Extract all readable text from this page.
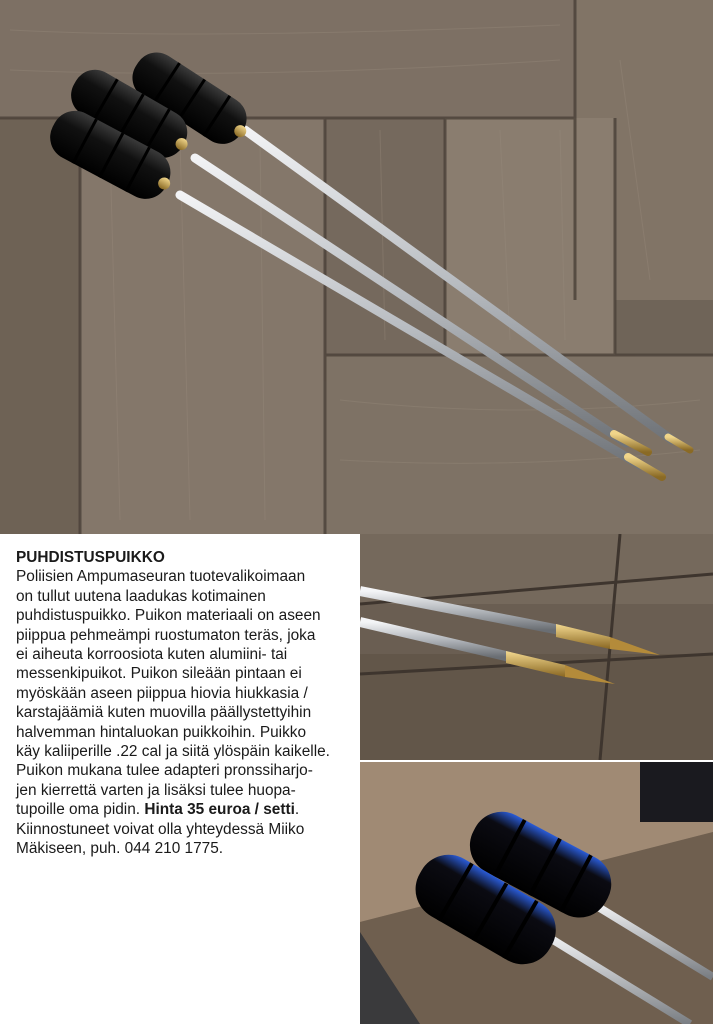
PUHDISTUSPUIKKO
Poliisien Ampumaseuran tuotevalikoimaan
on tullut uutena laadukas kotimainen
puhdistuspuikko. Puikon materiaali on aseen
piippua pehmeämpi ruostumaton teräs, joka
ei aiheuta korroosiota kuten alumiini- tai
messenkipuikot. Puikon sileään pintaan ei
myöskään aseen piippua hiovia hiukkasia /
karstajäämiä kuten muovilla päällystettyihin
halvemman hintaluokan puikkoihin. Puikko
käy kaliiperille .22 cal ja siitä ylöspäin kaikelle.
Puikon mukana tulee adapteri pronssiharjo-
jen kierrettä varten ja lisäksi tulee huopa-
tupoille oma pidin. Hinta 35 euroa / setti.
Kiinnostuneet voivat olla yhteydessä Miiko
Mäkiseen, puh. 044 210 1775.
